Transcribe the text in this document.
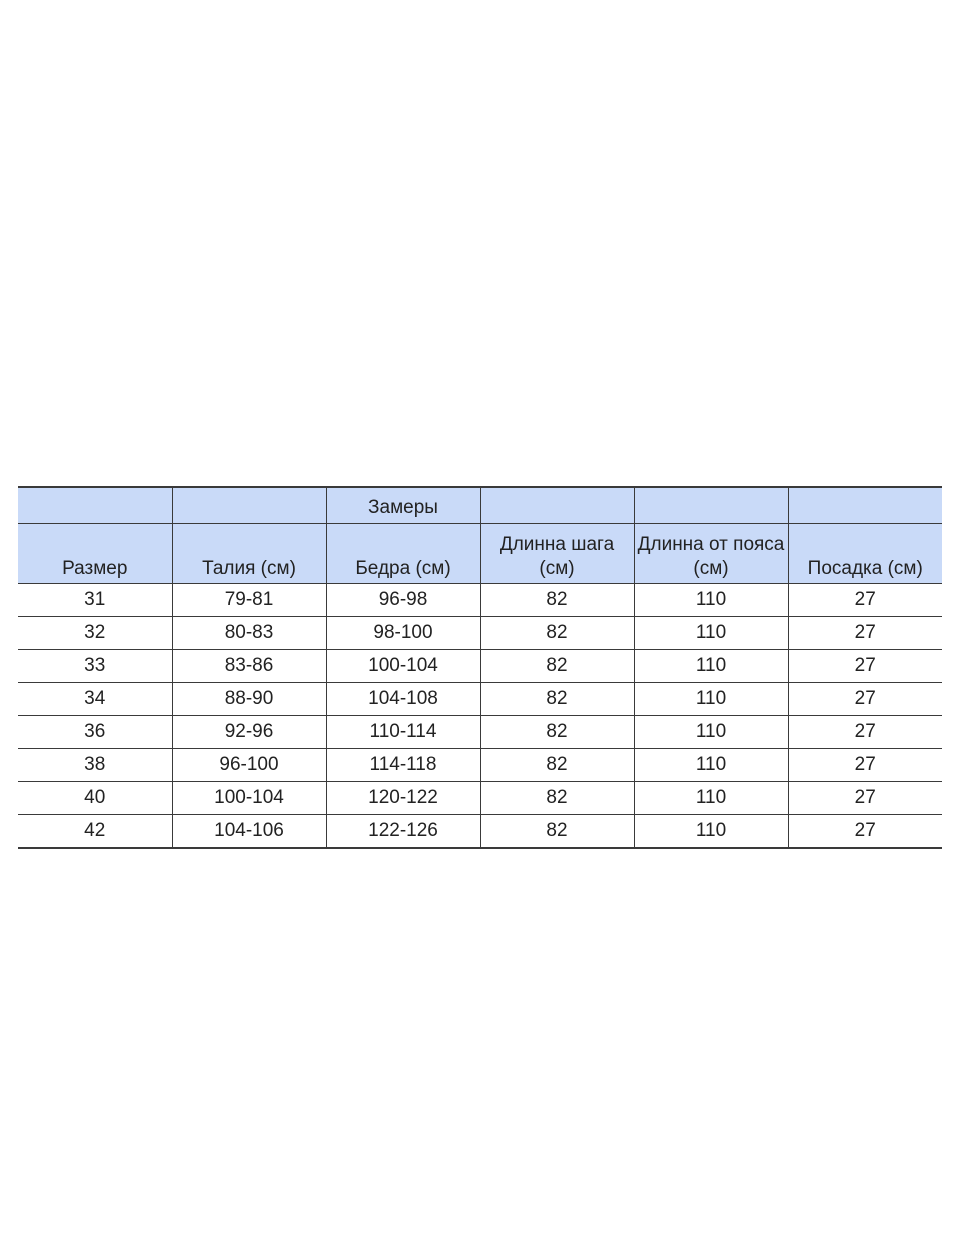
		Замеры			
Размер	Талия (см)	Бедра (см)	Длинна шага (см)	Длинна от пояса (см)	Посадка (см)
31	79-81	96-98	82	110	27
32	80-83	98-100	82	110	27
33	83-86	100-104	82	110	27
34	88-90	104-108	82	110	27
36	92-96	110-114	82	110	27
38	96-100	114-118	82	110	27
40	100-104	120-122	82	110	27
42	104-106	122-126	82	110	27
